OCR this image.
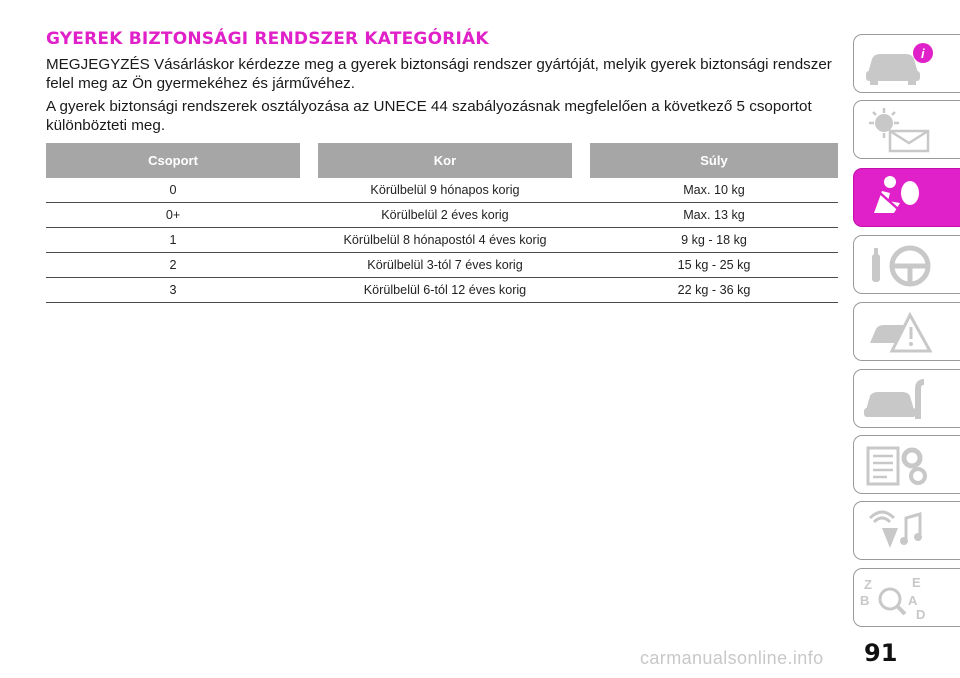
GYEREK BIZTONSÁGI RENDSZER KATEGÓRIÁK
MEGJEGYZÉS Vásárláskor kérdezze meg a gyerek biztonsági rendszer gyártóját, melyik gyerek biztonsági rendszer felel meg az Ön gyermekéhez és járművéhez.
A gyerek biztonsági rendszerek osztályozása az UNECE 44 szabályozásnak megfelelően a következő 5 csoportot különbözteti meg.
Csoport	Kor	Súly
0	Körülbelül 9 hónapos korig	Max. 10 kg
0+	Körülbelül 2 éves korig	Max. 13 kg
1	Körülbelül 8 hónapostól 4 éves korig	9 kg - 18 kg
2	Körülbelül 3-tól 7 éves korig	15 kg - 25 kg
3	Körülbelül 6-tól 12 éves korig	22 kg - 36 kg
i
Z	E
B	A
D
carmanualsonline.info 91
